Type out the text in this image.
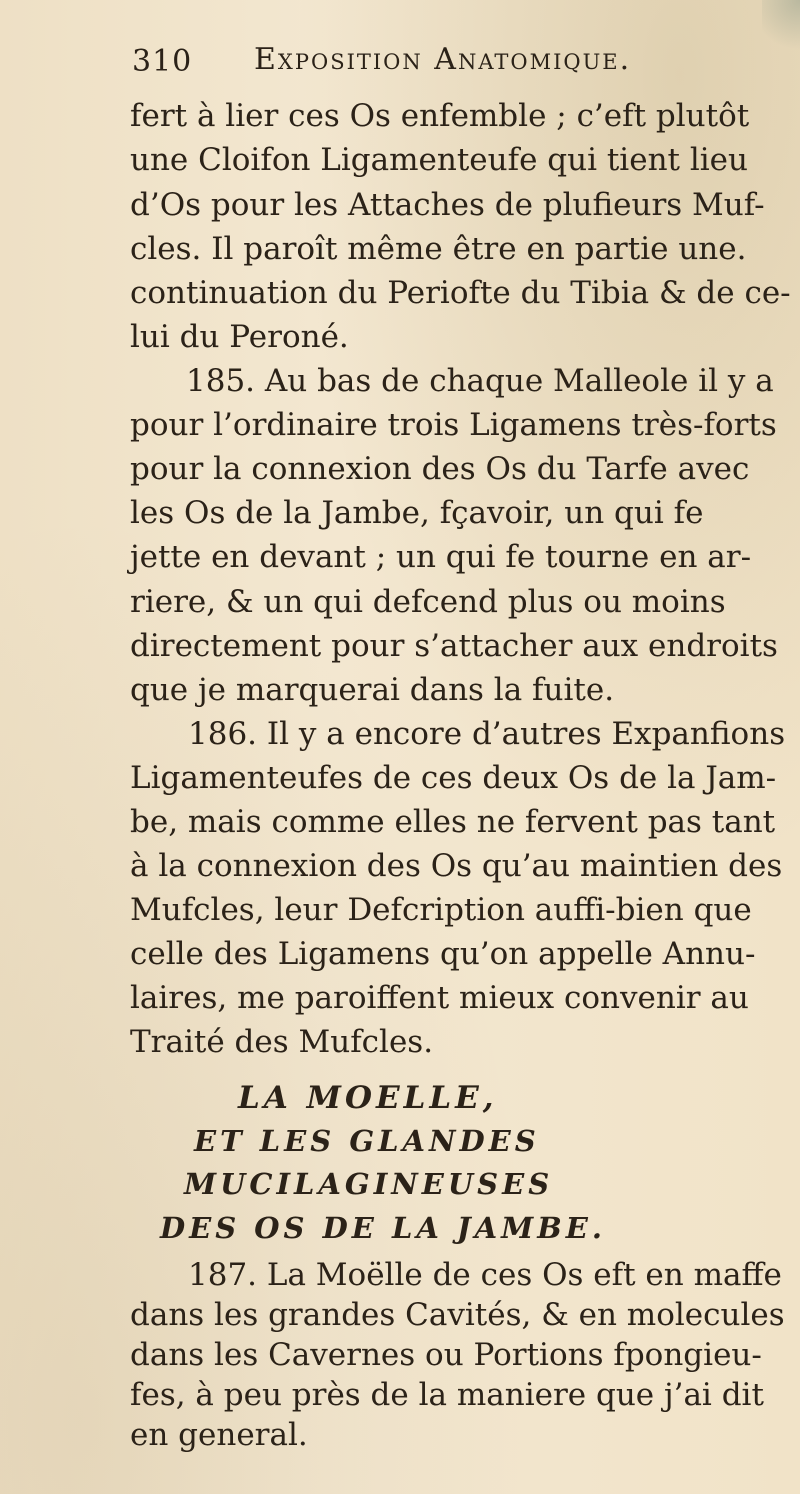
310 Exposition Anatomique.
fert à lier ces Os enfemble ; c’eft plutôt
une Cloifon Ligamenteufe qui tient lieu
d’Os pour les Attaches de plufieurs Muf-
cles. Il paroît même être en partie une.
continuation du Periofte du Tibia & de ce-
lui du Peroné.
185. Au bas de chaque Malleole il y a
pour l’ordinaire trois Ligamens très-forts
pour la connexion des Os du Tarfe avec
les Os de la Jambe, fçavoir, un qui fe
jette en devant ; un qui fe tourne en ar-
riere, & un qui defcend plus ou moins
directement pour s’attacher aux endroits
que je marquerai dans la fuite.
186. Il y a encore d’autres Expanfions
Ligamenteufes de ces deux Os de la Jam-
be, mais comme elles ne fervent pas tant
à la connexion des Os qu’au maintien des
Mufcles, leur Defcription auffi-bien que
celle des Ligamens qu’on appelle Annu-
laires, me paroiffent mieux convenir au
Traité des Mufcles.
LA MOELLE,
ET LES GLANDES
MUCILAGINEUSES
DES OS DE LA JAMBE.
187. La Moëlle de ces Os eft en maffe
dans les grandes Cavités, & en molecules
dans les Cavernes ou Portions fpongieu-
fes, à peu près de la maniere que j’ai dit
en general.
